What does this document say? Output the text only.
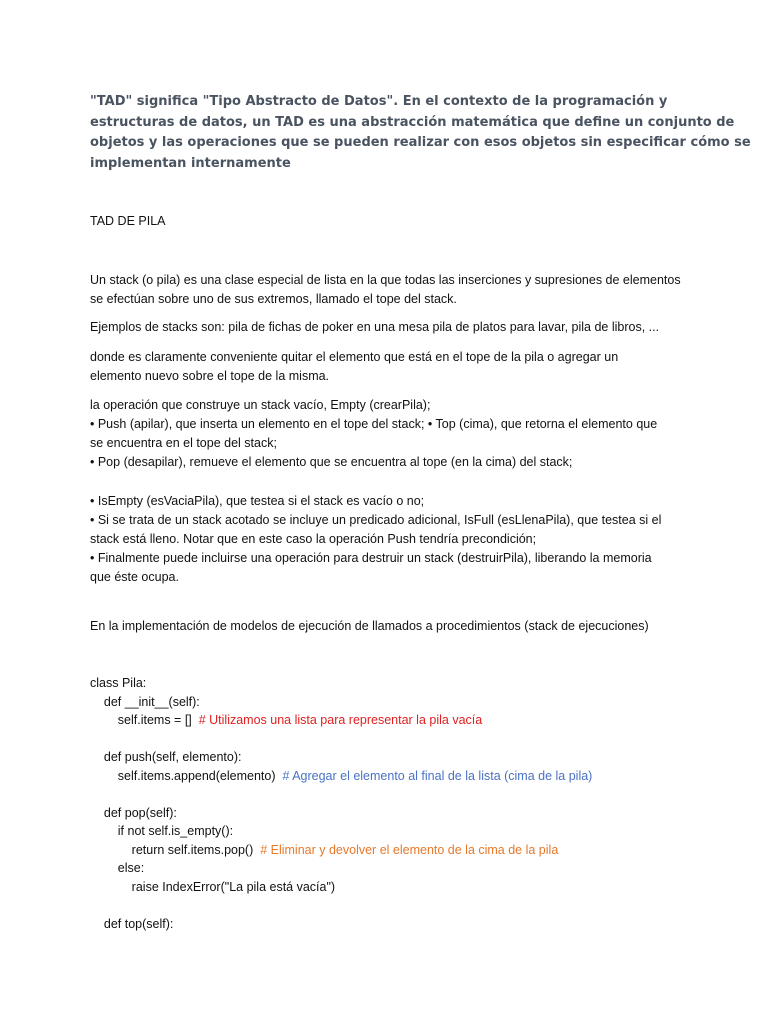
"TAD" significa "Tipo Abstracto de Datos". En el contexto de la programación y
estructuras de datos, un TAD es una abstracción matemática que define un conjunto de
objetos y las operaciones que se pueden realizar con esos objetos sin especificar cómo se
implementan internamente
TAD DE PILA
Un stack (o pila) es una clase especial de lista en la que todas las inserciones y supresiones de elementos
se efectúan sobre uno de sus extremos, llamado el tope del stack.
Ejemplos de stacks son: pila de fichas de poker en una mesa pila de platos para lavar, pila de libros, ...
donde es claramente conveniente quitar el elemento que está en el tope de la pila o agregar un
elemento nuevo sobre el tope de la misma.
la operación que construye un stack vacío, Empty (crearPila);
• Push (apilar), que inserta un elemento en el tope del stack; • Top (cima), que retorna el elemento que
se encuentra en el tope del stack;
• Pop (desapilar), remueve el elemento que se encuentra al tope (en la cima) del stack;
• IsEmpty (esVaciaPila), que testea si el stack es vacío o no;
• Si se trata de un stack acotado se incluye un predicado adicional, IsFull (esLlenaPila), que testea si el
stack está lleno. Notar que en este caso la operación Push tendría precondición;
• Finalmente puede incluirse una operación para destruir un stack (destruirPila), liberando la memoria
que éste ocupa.
En la implementación de modelos de ejecución de llamados a procedimientos (stack de ejecuciones)
class Pila:
def __init__(self):
self.items = []  # Utilizamos una lista para representar la pila vacía
def push(self, elemento):
self.items.append(elemento)  # Agregar el elemento al final de la lista (cima de la pila)
def pop(self):
if not self.is_empty():
return self.items.pop()  # Eliminar y devolver el elemento de la cima de la pila
else:
raise IndexError("La pila está vacía")
def top(self):
